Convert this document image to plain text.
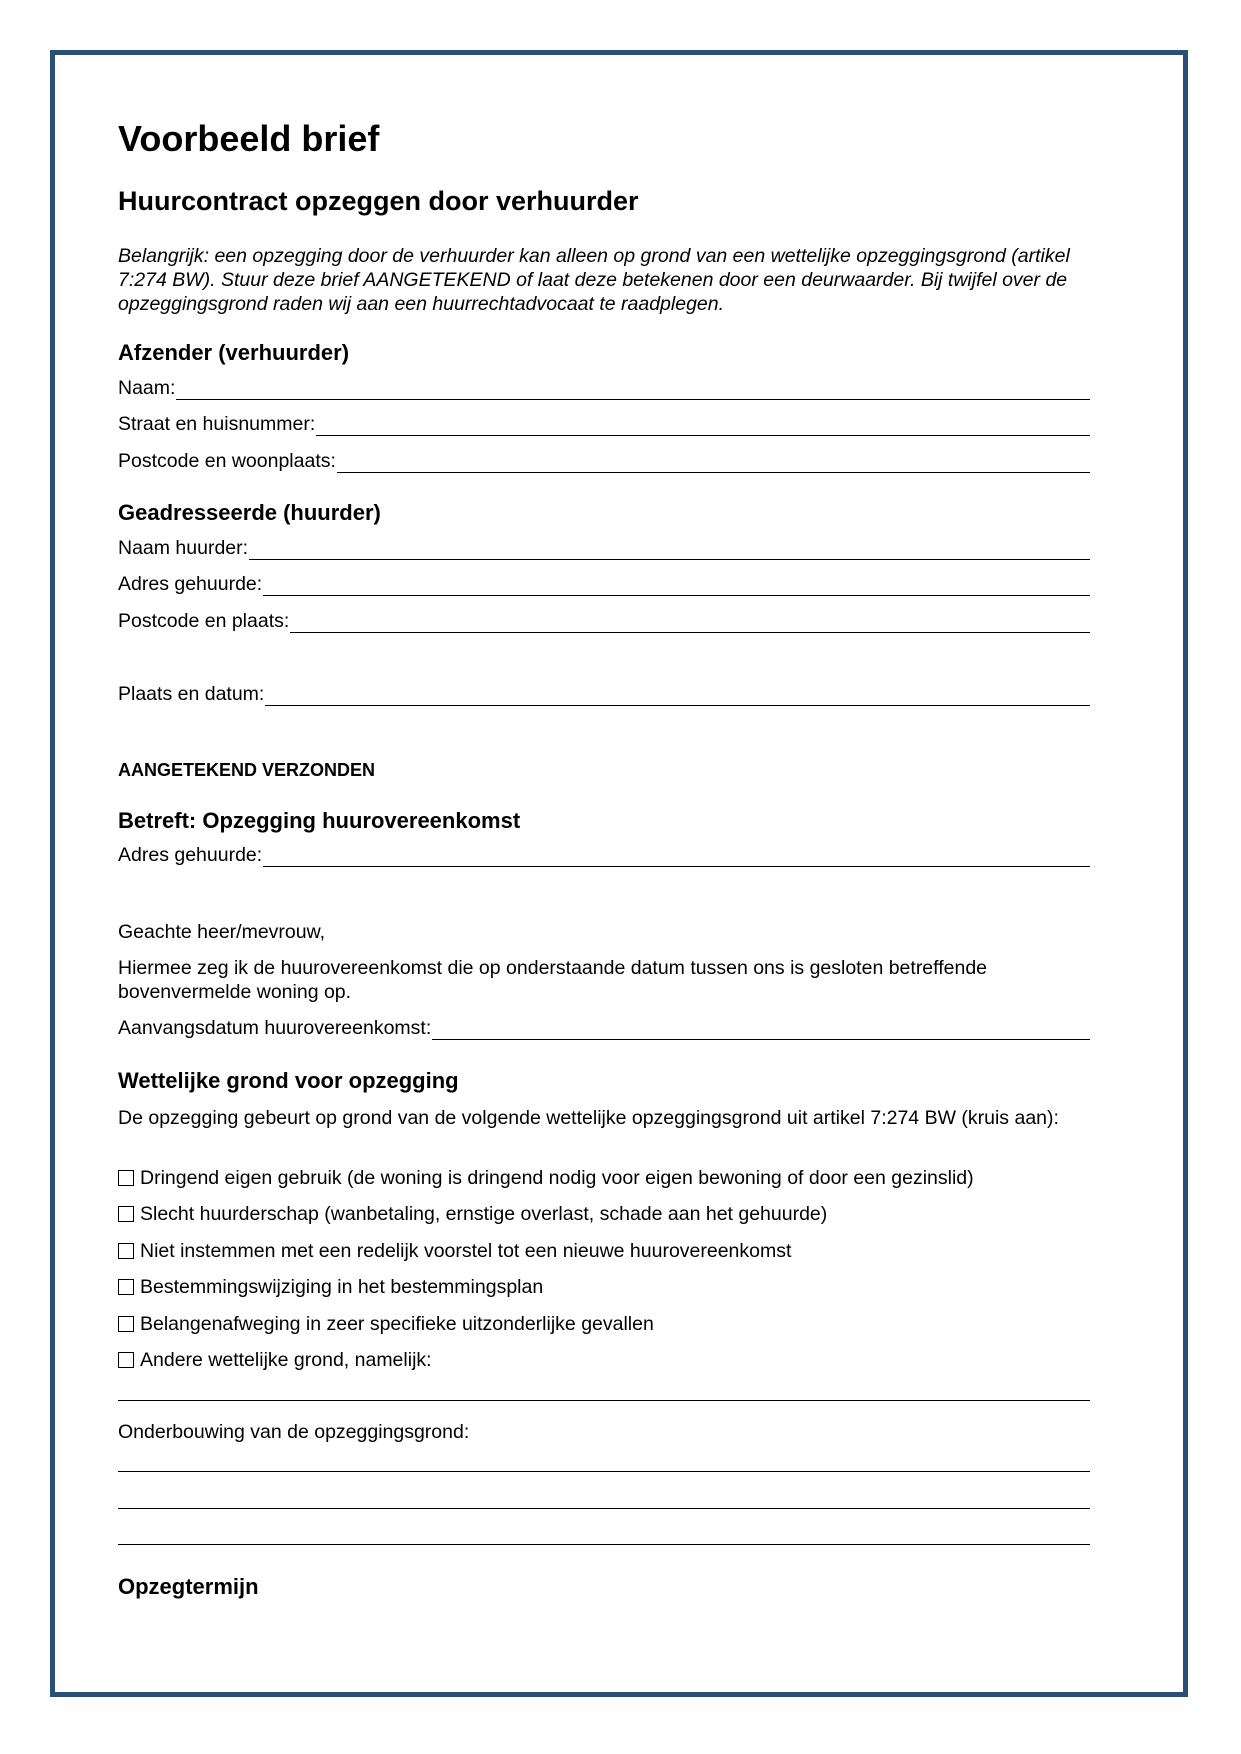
Voorbeeld brief
Huurcontract opzeggen door verhuurder

Belangrijk: een opzegging door de verhuurder kan alleen op grond van een wettelijke opzeggingsgrond (artikel 7:274 BW). Stuur deze brief AANGETEKEND of laat deze betekenen door een deurwaarder. Bij twijfel over de opzeggingsgrond raden wij aan een huurrechtadvocaat te raadplegen.

Afzender (verhuurder)
Naam:
Straat en huisnummer:
Postcode en woonplaats:
Geadresseerde (huurder)
Naam huurder:
Adres gehuurde:
Postcode en plaats:
Plaats en datum:

AANGETEKEND VERZONDEN

Betreft: Opzegging huurovereenkomst
Adres gehuurde:

Geachte heer/mevrouw,

Hiermee zeg ik de huurovereenkomst die op onderstaande datum tussen ons is gesloten betreffende bovenvermelde woning op.

Aanvangsdatum huurovereenkomst:
Wettelijke grond voor opzegging

De opzegging gebeurt op grond van de volgende wettelijke opzeggingsgrond uit artikel 7:274 BW (kruis aan):

Dringend eigen gebruik (de woning is dringend nodig voor eigen bewoning of door een gezinslid)
Slecht huurderschap (wanbetaling, ernstige overlast, schade aan het gehuurde)
Niet instemmen met een redelijk voorstel tot een nieuwe huurovereenkomst
Bestemmingswijziging in het bestemmingsplan
Belangenafweging in zeer specifieke uitzonderlijke gevallen
Andere wettelijke grond, namelijk:

Onderbouwing van de opzeggingsgrond:

Opzegtermijn
